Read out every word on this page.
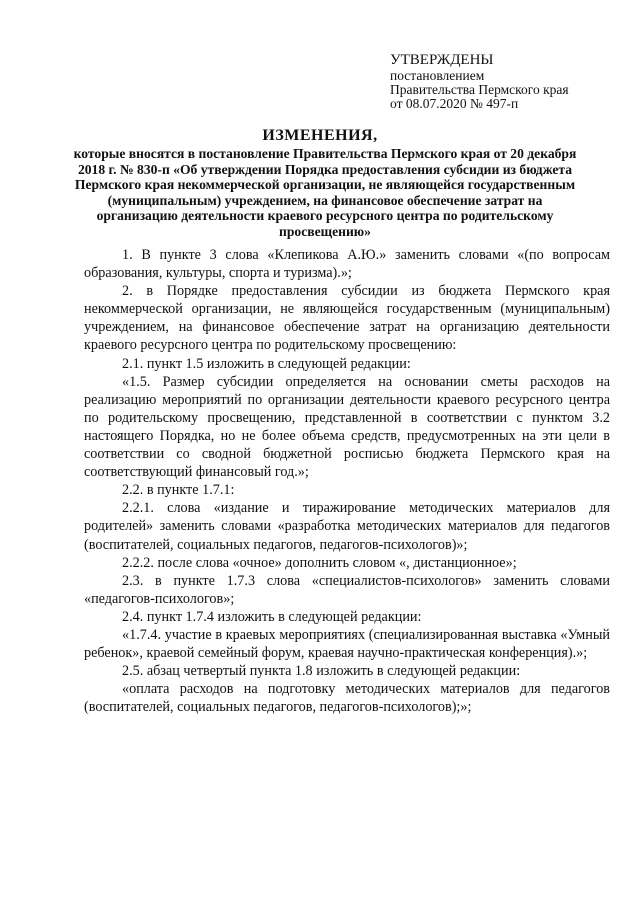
УТВЕРЖДЕНЫ
постановлением
Правительства Пермского края
от 08.07.2020 № 497-п
ИЗМЕНЕНИЯ,
которые вносятся в постановление Правительства Пермского края от 20 декабря 2018 г. № 830-п «Об утверждении Порядка предоставления субсидии из бюджета Пермского края некоммерческой организации, не являющейся государственным (муниципальным) учреждением, на финансовое обеспечение затрат на организацию деятельности краевого ресурсного центра по родительскому просвещению»

1. В пункте 3 слова «Клепикова А.Ю.» заменить словами «(по вопросам образования, культуры, спорта и туризма).»;

2. в Порядке предоставления субсидии из бюджета Пермского края некоммерческой организации, не являющейся государственным (муниципальным) учреждением, на финансовое обеспечение затрат на организацию деятельности краевого ресурсного центра по родительскому просвещению:

2.1. пункт 1.5 изложить в следующей редакции:

«1.5. Размер субсидии определяется на основании сметы расходов на реализацию мероприятий по организации деятельности краевого ресурсного центра по родительскому просвещению, представленной в соответствии с пунктом 3.2 настоящего Порядка, но не более объема средств, предусмотренных на эти цели в соответствии со сводной бюджетной росписью бюджета Пермского края на соответствующий финансовый год.»;

2.2. в пункте 1.7.1:

2.2.1. слова «издание и тиражирование методических материалов для родителей» заменить словами «разработка методических материалов для педагогов (воспитателей, социальных педагогов, педагогов-психологов)»;

2.2.2. после слова «очное» дополнить словом «, дистанционное»;

2.3. в пункте 1.7.3 слова «специалистов-психологов» заменить словами «педагогов-психологов»;

2.4. пункт 1.7.4 изложить в следующей редакции:

«1.7.4. участие в краевых мероприятиях (специализированная выставка «Умный ребенок», краевой семейный форум, краевая научно-практическая конференция).»;

2.5. абзац четвертый пункта 1.8 изложить в следующей редакции:

«оплата расходов на подготовку методических материалов для педагогов (воспитателей, социальных педагогов, педагогов-психологов);»;
